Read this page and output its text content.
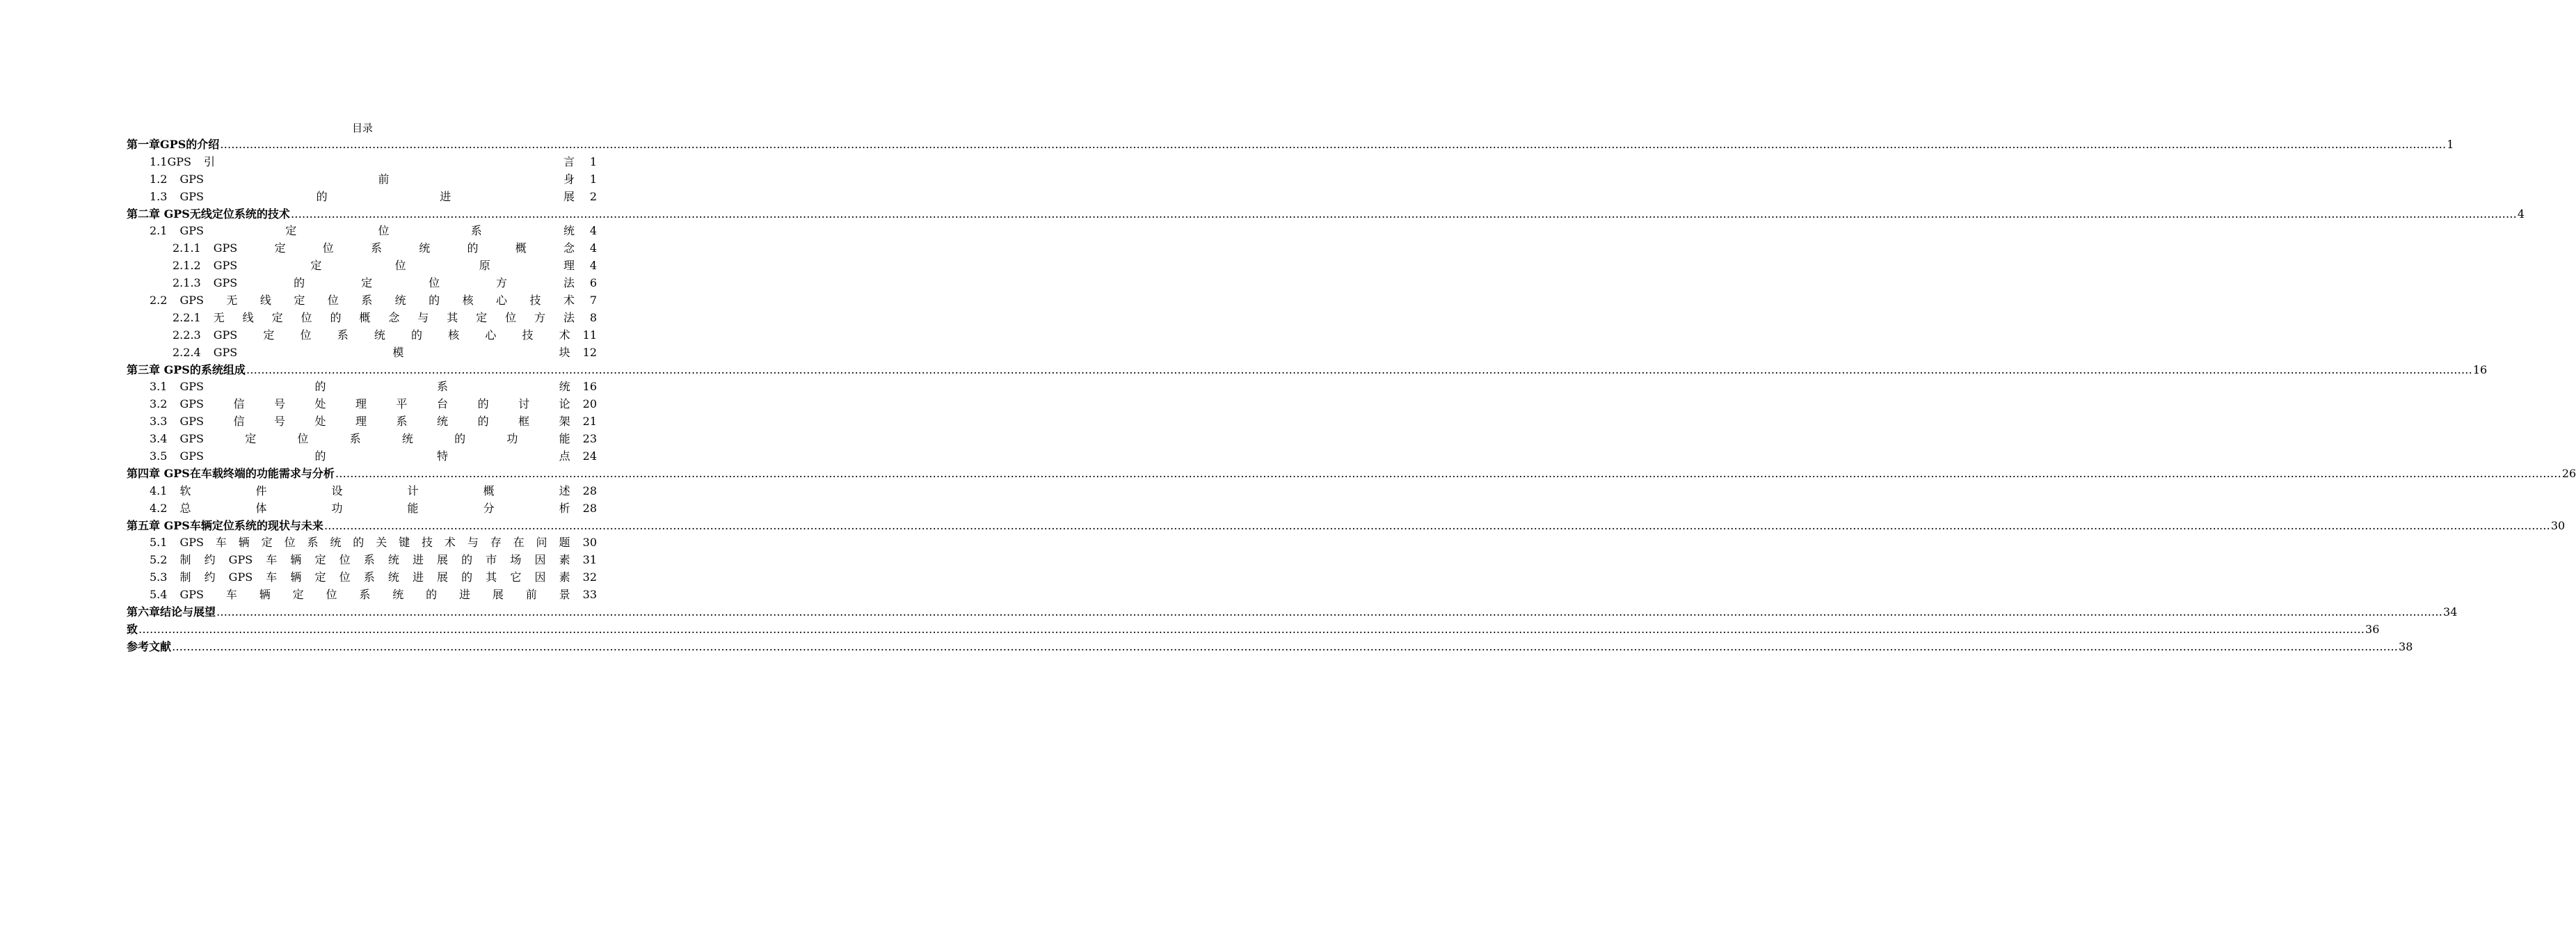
目录
第一章GPS的介绍 …………………………………………………………………………………………………………………………………………………………………………………………………………………………………………………………………………………………………………………………………………………………………………………………………………………………………………………………………………………………………………………………………………………… 1
1.1GPS 引	言 1
1.2 GPS	前	身 1
1.3 GPS	的	进	展 2
第二章 GPS无线定位系统的技术 …………………………………………………………………………………………………………………………………………………………………………………………………………………………………………………………………………………………………………………………………………………………………………………………………………………………………………………………………………………………………………………………………………………… 4
2.1 GPS	定	位	系	统 4
2.1.1 GPS	定	位	系	统	的	概	念 4
2.1.2 GPS	定	位	原	理 4
2.1.3 GPS	的	定	位	方	法 6
2.2 GPS 无 线 定 位 系 统 的 核 心 技 术 7
2.2.1 无 线 定 位 的 概 念 与 其 定 位 方 法 8
2.2.3 GPS 定 位 系 统 的 核 心 技 术 11
2.2.4 GPS	模	块 12
第三章 GPS的系统组成 …………………………………………………………………………………………………………………………………………………………………………………………………………………………………………………………………………………………………………………………………………………………………………………………………………………………………………………………………………………………………………………………………………………… 16
3.1 GPS	的	系	统 16
3.2 GPS	信	号	处	理	平	台	的	讨	论 20
3.3 GPS	信	号	处	理	系	统	的	框	架 21
3.4 GPS	定	位	系	统	的	功	能 23
3.5 GPS	的	特	点 24
第四章 GPS在车载终端的功能需求与分析 …………………………………………………………………………………………………………………………………………………………………………………………………………………………………………………………………………………………………………………………………………………………………………………………………………………………………………………………………………………………………………………………………………………… 26
4.1 软	件	设	计	概	述 28
4.2 总	体	功	能	分	析 28
第五章 GPS车辆定位系统的现状与未来 …………………………………………………………………………………………………………………………………………………………………………………………………………………………………………………………………………………………………………………………………………………………………………………………………………………………………………………………………………………………………………………………………………………… 30
5.1 GPS 车 辆 定 位 系 统 的 关 键 技 术 与 存 在 问 题 30
5.2 制 约 GPS 车 辆 定 位 系 统 进 展 的 市 场 因 素 31
5.3 制 约 GPS 车 辆 定 位 系 统 进 展 的 其 它 因 素 32
5.4 GPS 车 辆 定 位 系 统 的 进 展 前 景 33
第六章结论与展望 …………………………………………………………………………………………………………………………………………………………………………………………………………………………………………………………………………………………………………………………………………………………………………………………………………………………………………………………………………………………………………………………………………………… 34
致 …………………………………………………………………………………………………………………………………………………………………………………………………………………………………………………………………………………………………………………………………………………………………………………………………………………………………………………………………………………………………………………………………………………… 36
参考文献 …………………………………………………………………………………………………………………………………………………………………………………………………………………………………………………………………………………………………………………………………………………………………………………………………………………………………………………………………………………………………………………………………………………… 38
